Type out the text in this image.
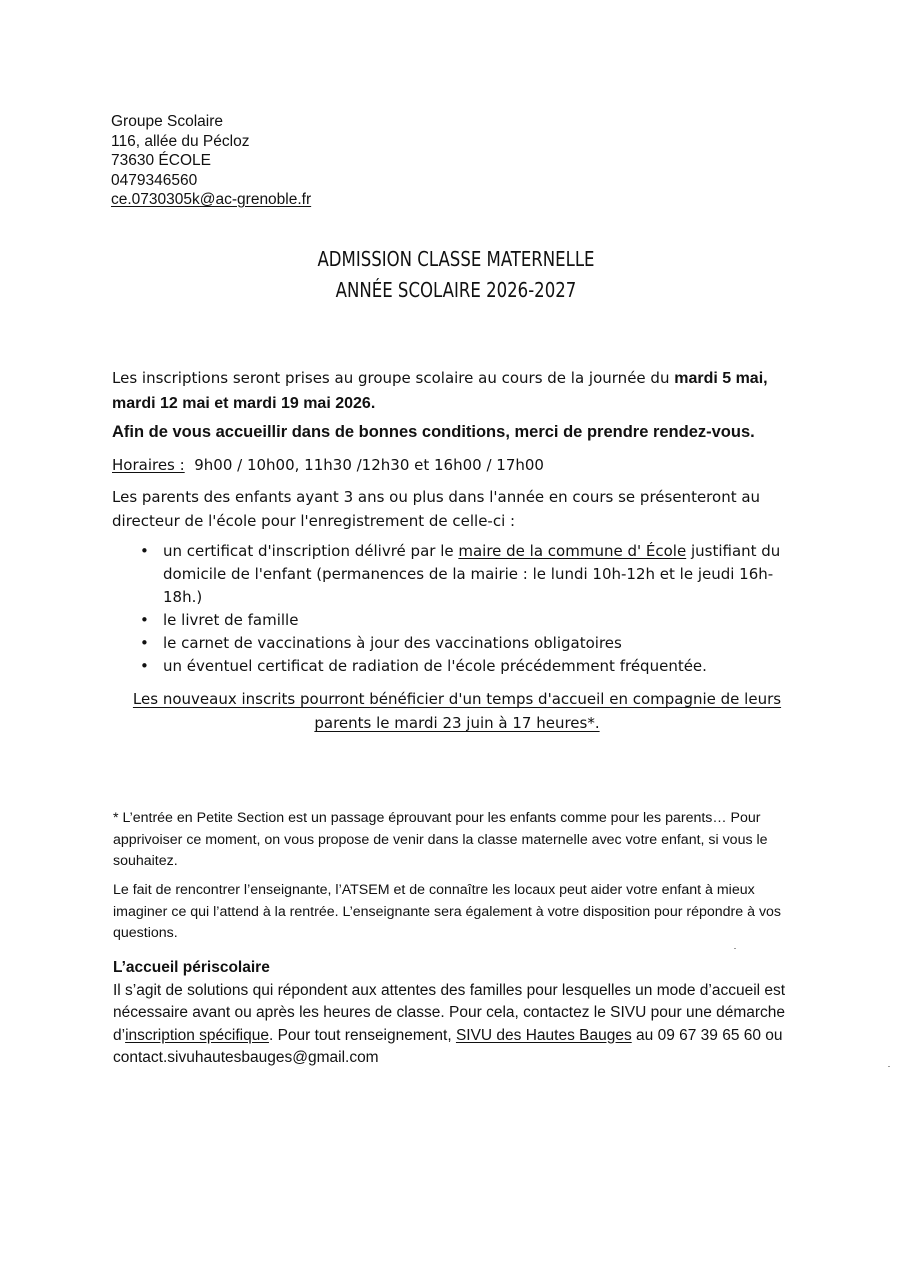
Groupe Scolaire
116, allée du Pécloz
73630 ÉCOLE
0479346560
ce.0730305k@ac-grenoble.fr
ADMISSION CLASSE MATERNELLE
ANNÉE SCOLAIRE 2026-2027
Les inscriptions seront prises au groupe scolaire au cours de la journée du mardi 5 mai, mardi 12 mai et mardi 19 mai 2026.
Afin de vous accueillir dans de bonnes conditions, merci de prendre rendez-vous.
Horaires : 9h00 / 10h00, 11h30 /12h30 et 16h00 / 17h00
Les parents des enfants ayant 3 ans ou plus dans l'année en cours se présenteront au directeur de l'école pour l'enregistrement de celle-ci :
• un certificat d'inscription délivré par le maire de la commune d' École justifiant du domicile de l'enfant (permanences de la mairie : le lundi 10h-12h et le jeudi 16h-18h.)
• le livret de famille
• le carnet de vaccinations à jour des vaccinations obligatoires
• un éventuel certificat de radiation de l'école précédemment fréquentée.
Les nouveaux inscrits pourront bénéficier d'un temps d'accueil en compagnie de leurs parents le mardi 23 juin à 17 heures*.
* L’entrée en Petite Section est un passage éprouvant pour les enfants comme pour les parents… Pour apprivoiser ce moment, on vous propose de venir dans la classe maternelle avec votre enfant, si vous le souhaitez.
Le fait de rencontrer l’enseignante, l’ATSEM et de connaître les locaux peut aider votre enfant à mieux imaginer ce qui l’attend à la rentrée. L’enseignante sera également à votre disposition pour répondre à vos questions.
L’accueil périscolaire
Il s’agit de solutions qui répondent aux attentes des familles pour lesquelles un mode d’accueil est nécessaire avant ou après les heures de classe. Pour cela, contactez le SIVU pour une démarche d’inscription spécifique. Pour tout renseignement, SIVU des Hautes Bauges au 09 67 39 65 60 ou contact.sivuhautesbauges@gmail.com
